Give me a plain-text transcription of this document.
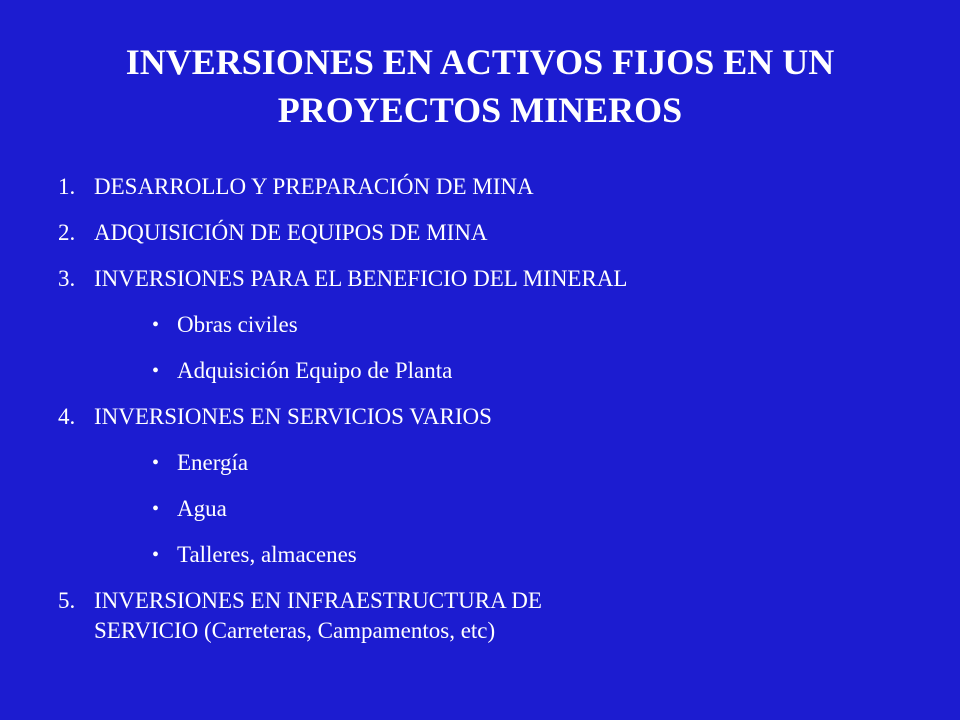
INVERSIONES EN ACTIVOS FIJOS EN UN
PROYECTOS MINEROS
1. DESARROLLO Y PREPARACIÓN DE MINA
2. ADQUISICIÓN DE EQUIPOS DE MINA
3. INVERSIONES PARA EL BENEFICIO DEL MINERAL
• Obras civiles
• Adquisición Equipo de Planta
4. INVERSIONES EN SERVICIOS VARIOS
• Energía
• Agua
• Talleres, almacenes
5. INVERSIONES EN INFRAESTRUCTURA DE
SERVICIO (Carreteras, Campamentos, etc)
